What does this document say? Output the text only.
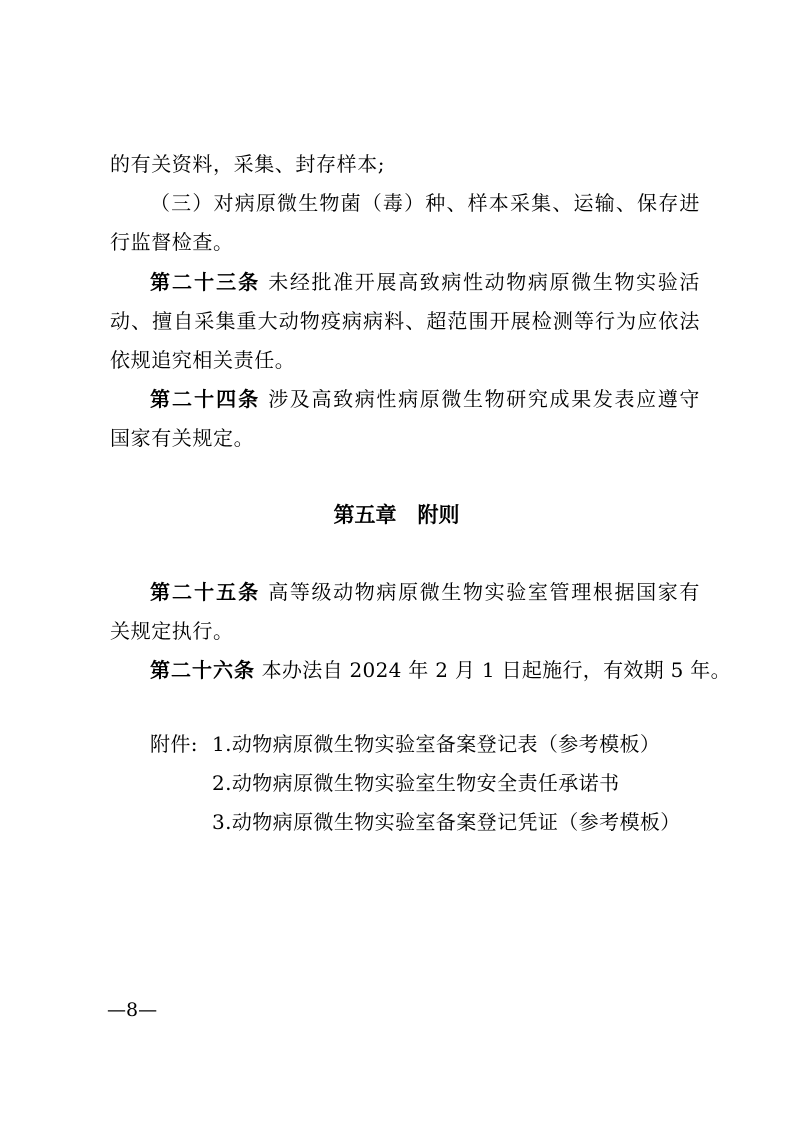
的有关资料，采集、封存样本;
（三）对病原微生物菌（毒）种、样本采集、运输、保存进
行监督检查。
第二十三条 未经批准开展高致病性动物病原微生物实验活
动、擅自采集重大动物疫病病料、超范围开展检测等行为应依法
依规追究相关责任。
第二十四条 涉及高致病性病原微生物研究成果发表应遵守
国家有关规定。
第五章　附则
第二十五条 高等级动物病原微生物实验室管理根据国家有
关规定执行。
第二十六条 本办法自 2024 年 2 月 1 日起施行，有效期 5 年。
附件: 1.动物病原微生物实验室备案登记表（参考模板）
2.动物病原微生物实验室生物安全责任承诺书
3.动物病原微生物实验室备案登记凭证（参考模板）
—8—
